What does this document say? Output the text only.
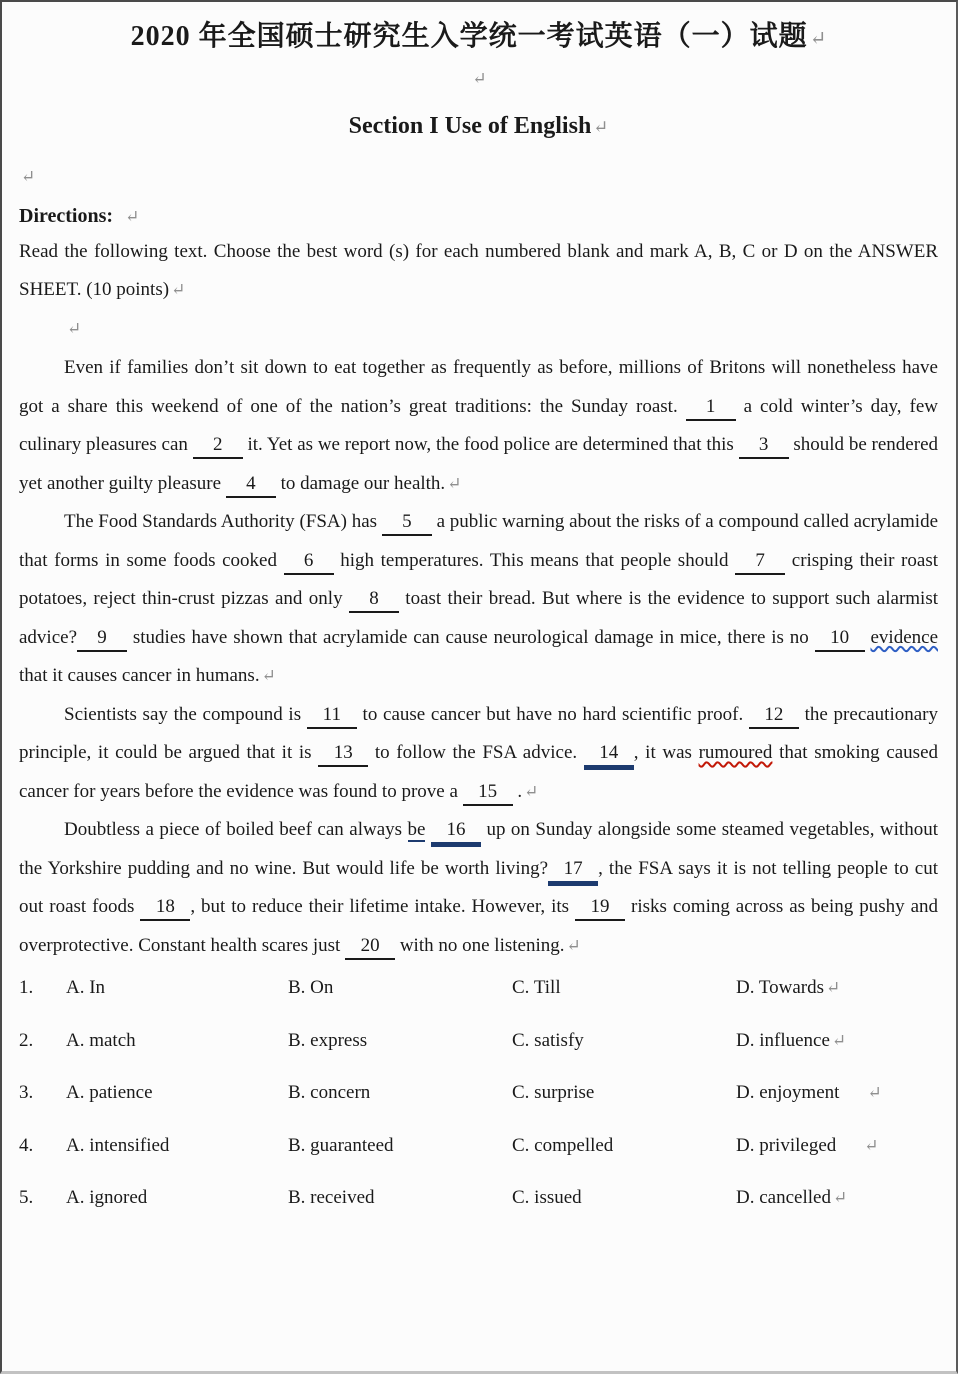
2020 年全国硕士研究生入学统一考试英语（一）试题 ↵
↵
Section I Use of English ↵
↵
Directions: ↵

Read the following text. Choose the best word (s) for each numbered blank and mark A, B, C or D on the ANSWER SHEET. (10 points) ↵

↵

Even if families don’t sit down to eat together as frequently as before, millions of Britons will nonetheless have got a share this weekend of one of the nation’s great traditions: the Sunday roast. 1 a cold winter’s day, few culinary pleasures can 2 it. Yet as we report now, the food police are determined that this 3 should be rendered yet another guilty pleasure 4 to damage our health. ↵

The Food Standards Authority (FSA) has 5 a public warning about the risks of a compound called acrylamide that forms in some foods cooked 6 high temperatures. This means that people should 7 crisping their roast potatoes, reject thin-crust pizzas and only 8 toast their bread. But where is the evidence to support such alarmist advice? 9 studies have shown that acrylamide can cause neurological damage in mice, there is no 10 evidence that it causes cancer in humans. ↵

Scientists say the compound is 11 to cause cancer but have no hard scientific proof. 12 the precautionary principle, it could be argued that it is 13 to follow the FSA advice. 14 , it was rumoured that smoking caused cancer for years before the evidence was found to prove a 15 . ↵

Doubtless a piece of boiled beef can always be 16 up on Sunday alongside some steamed vegetables, without the Yorkshire pudding and no wine. But would life be worth living? 17 , the FSA says it is not telling people to cut out roast foods 18 , but to reduce their lifetime intake. However, its 19 risks coming across as being pushy and overprotective. Constant health scares just 20 with no one listening. ↵

1.	A. In	B. On	C. Till	D. Towards ↵
2.	A. match	B. express	C. satisfy	D. influence ↵
3.	A. patience	B. concern	C. surprise	D. enjoyment ↵
4.	A. intensified	B. guaranteed	C. compelled	D. privileged ↵
5.	A. ignored	B. received	C. issued	D. cancelled ↵
